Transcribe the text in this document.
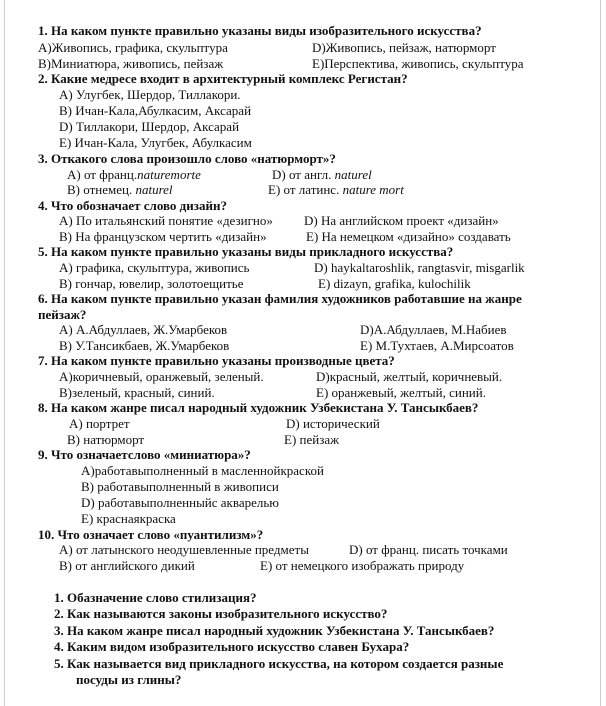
1. На каком пункте правильно указаны виды изобразительного искусства?
A)Живопись, графика, скульптура	D)Живопись, пейзаж, натюрморт
B)Миниатюра, живопись, пейзаж	E)Перспектива, живопись, скульптура
2. Какие медресе входит в архитектурный комплекс Регистан?
A) Улугбек, Шердор, Тиллакори.
B) Ичан-Кала,Абулкасим, Аксарай
D) Тиллакори, Шердор, Аксарай
E) Ичан-Кала, Улугбек, Абулкасим
3. Откакого слова произошло слово «натюрморт»?
A) от франц.naturemorte	D) от англ. naturel
B) отнемец. naturel	E) от латинс. nature mort
4. Что обозначает слово дизайн?
A) По итальянский понятие «дезигно» D) На английском проект «дизайн»
B) На французском чертить «дизайн»	E) На немецком «дизайно» создавать
5. На каком пункте правильно указаны виды прикладного искусства?
A) графика, скульптура, живопись	D) haykaltaroshlik, rangtasvir, misgarlik
B) гончар, ювелир, золотоещитье	E) dizayn, grafika, kulochilik
6. На каком пункте правильно указан фамилия художников работавшие на жанре
пейзаж?
A) А.Абдуллаев, Ж.Умарбеков	D)А.Абдуллаев, М.Набиев
B) У.Тансикбаев, Ж.Умарбеков	E) М.Тухтаев, А.Мирсоатов
7. На каком пункте правильно указаны производные цвета?
A)коричневый, оранжевый, зеленый.	D)красный, желтый, коричневый.
B)зеленый, красный, синий.	E) оранжевый, желтый, синий.
8. На каком жанре писал народный художник Узбекистана У. Тансыкбаев?
A) портрет	D) исторический
B) натюрморт	E) пейзаж
9. Что означаетслово «миниатюра»?
A)работавыполненный в масленнойкраской
B) работавыполненный в живописи
D) работавыполненныйс акварелью
E) краснаякраска
10. Что означает слово «пуантилизм»?
A) от латынского неодушевленные предметы	D) от франц. писать точками
B) от английского дикий	E) от немецкого изображать природу
1. Обазначение слово стилизация?
2. Как называются законы изобразительного искусство?
3. На каком жанре писал народный художник Узбекистана У. Тансыкбаев?
4. Каким видом изобразительного искусство славен Бухара?
5. Как называется вид прикладного искусства, на котором создается разные
посуды из глины?
